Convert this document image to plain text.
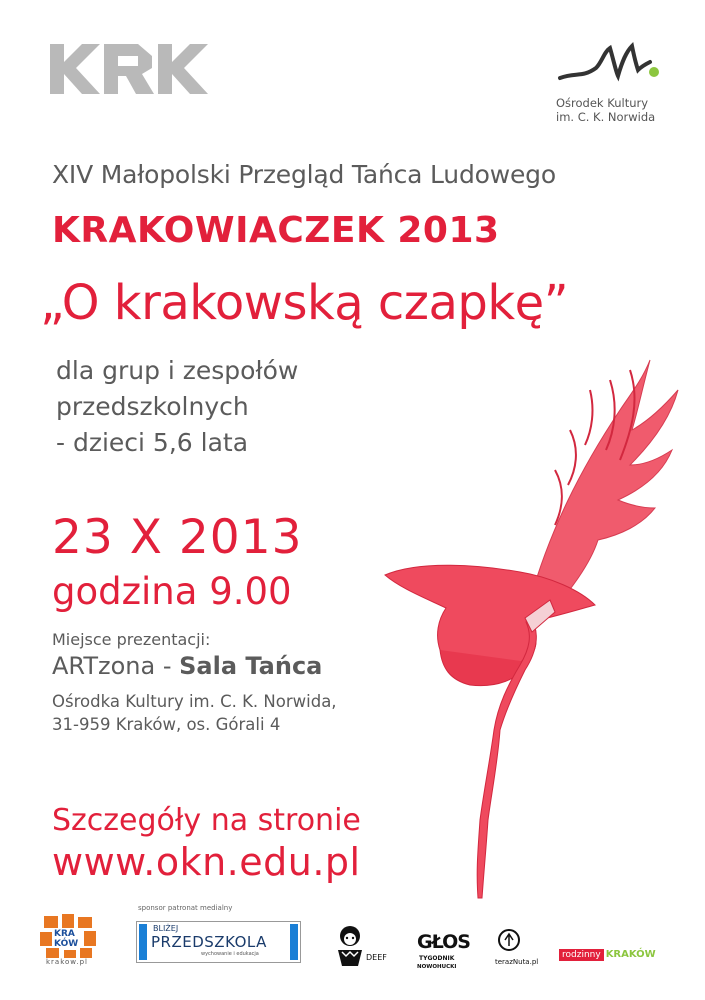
Ośrodek Kultury
im. C. K. Norwida
XIV Małopolski Przegląd Tańca Ludowego
KRAKOWIACZEK 2013
„O krakowską czapkę”
dla grup i zespołów
przedszkolnych
- dzieci 5,6 lata
23 X 2013
godzina 9.00
Miejsce prezentacji:
ARTzona - Sala Tańca
Ośrodka Kultury im. C. K. Norwida,
31-959 Kraków, os. Górali 4
Szczegóły na stronie
www.okn.edu.pl
sponsor patronat medialny
KRA
KÓW
krakow.pl
BLIŻEJ
PRZEDSZKOLA
wychowanie i edukacja	DEEF
GŁOS
TYGODNIK
NOWOHUCKI
terazNuta.pl
rodzinny KRAKÓW
